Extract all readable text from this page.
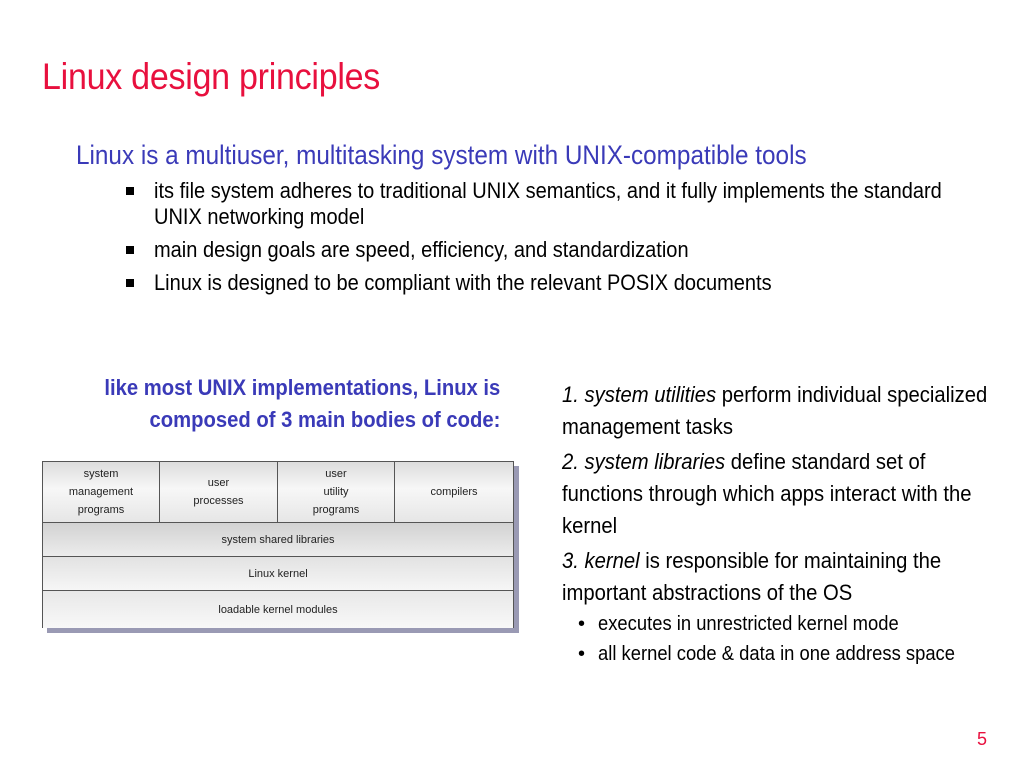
Linux design principles
Linux is a multiuser, multitasking system with UNIX-compatible tools
its file system adheres to traditional UNIX semantics, and it fully implements the standard UNIX networking model
main design goals are speed, efficiency, and standardization
Linux is designed to be compliant with the relevant POSIX documents
like most UNIX implementations, Linux is
composed of 3 main bodies of code:
system
management
programs
user
processes
user
utility
programs
compilers
system shared libraries
Linux kernel
loadable kernel modules
1. system utilities perform individual specialized management tasks
2. system libraries define standard set of functions through which apps interact with the kernel
3. kernel is responsible for maintaining the important abstractions of the OS
• executes in unrestricted kernel mode
• all kernel code & data in one address space
5
